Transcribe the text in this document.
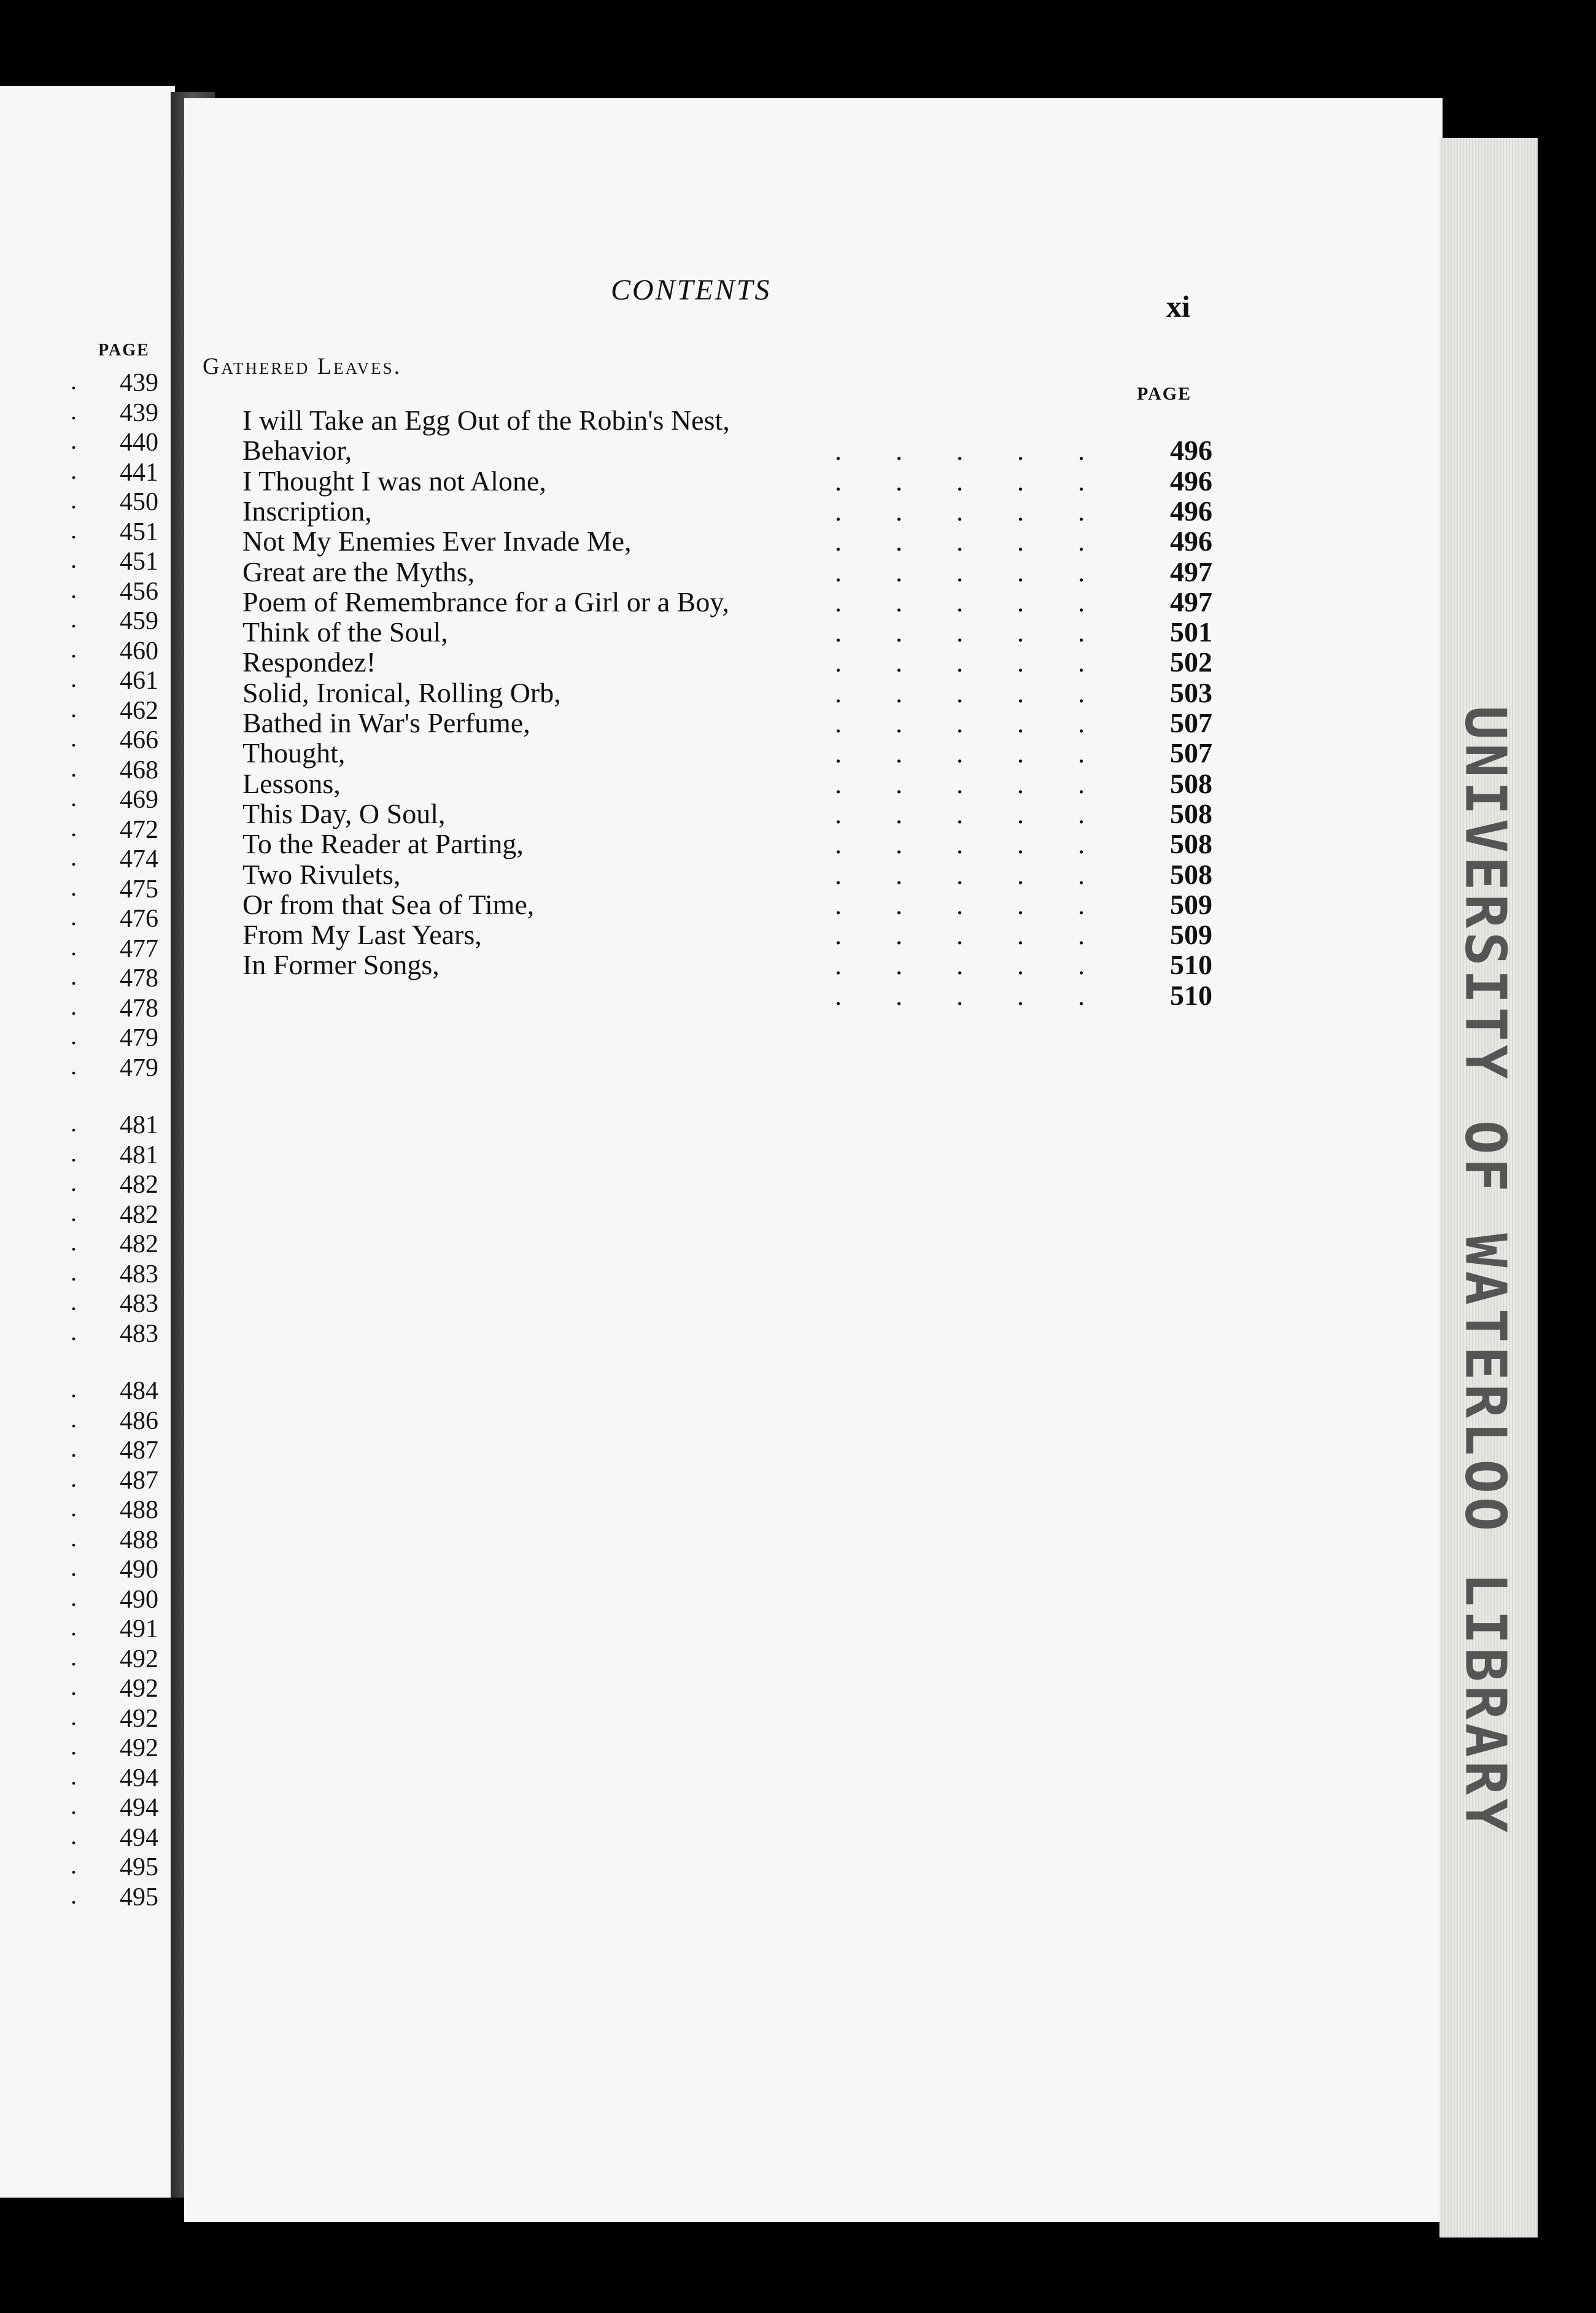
PAGE
. 439
. 439
. 440
. 441
. 450
. 451
. 451
. 456
. 459
. 460
. 461
. 462
. 466
. 468
. 469
. 472
. 474
. 475
. 476
. 477
. 478
. 478
. 479
. 479
. 481
. 481
. 482
. 482
. 482
. 483
. 483
. 483
. 484
. 486
. 487
. 487
. 488
. 488
. 490
. 490
. 491
. 492
. 492
. 492
. 492
. 494
. 494
. 494
. 495
. 495
CONTENTS	xi
Gathered Leaves.
PAGE
I will Take an Egg Out of the Robin's Nest,
Behavior,	..... 496
I Thought I was not Alone,	..... 496
Inscription,	..... 496
Not My Enemies Ever Invade Me,	..... 496
Great are the Myths,	..... 497
Poem of Remembrance for a Girl or a Boy,	..... 497
Think of the Soul,	..... 501
Respondez!	..... 502
Solid, Ironical, Rolling Orb,	..... 503
Bathed in War's Perfume,	..... 507
Thought,	..... 507
Lessons,	..... 508
This Day, O Soul,	..... 508
To the Reader at Parting,	..... 508
Two Rivulets,	..... 508
Or from that Sea of Time,	..... 509
From My Last Years,	..... 509
In Former Songs,	..... 510
..... 510	UNIVERSITY OF WATERLOO LIBRARY
